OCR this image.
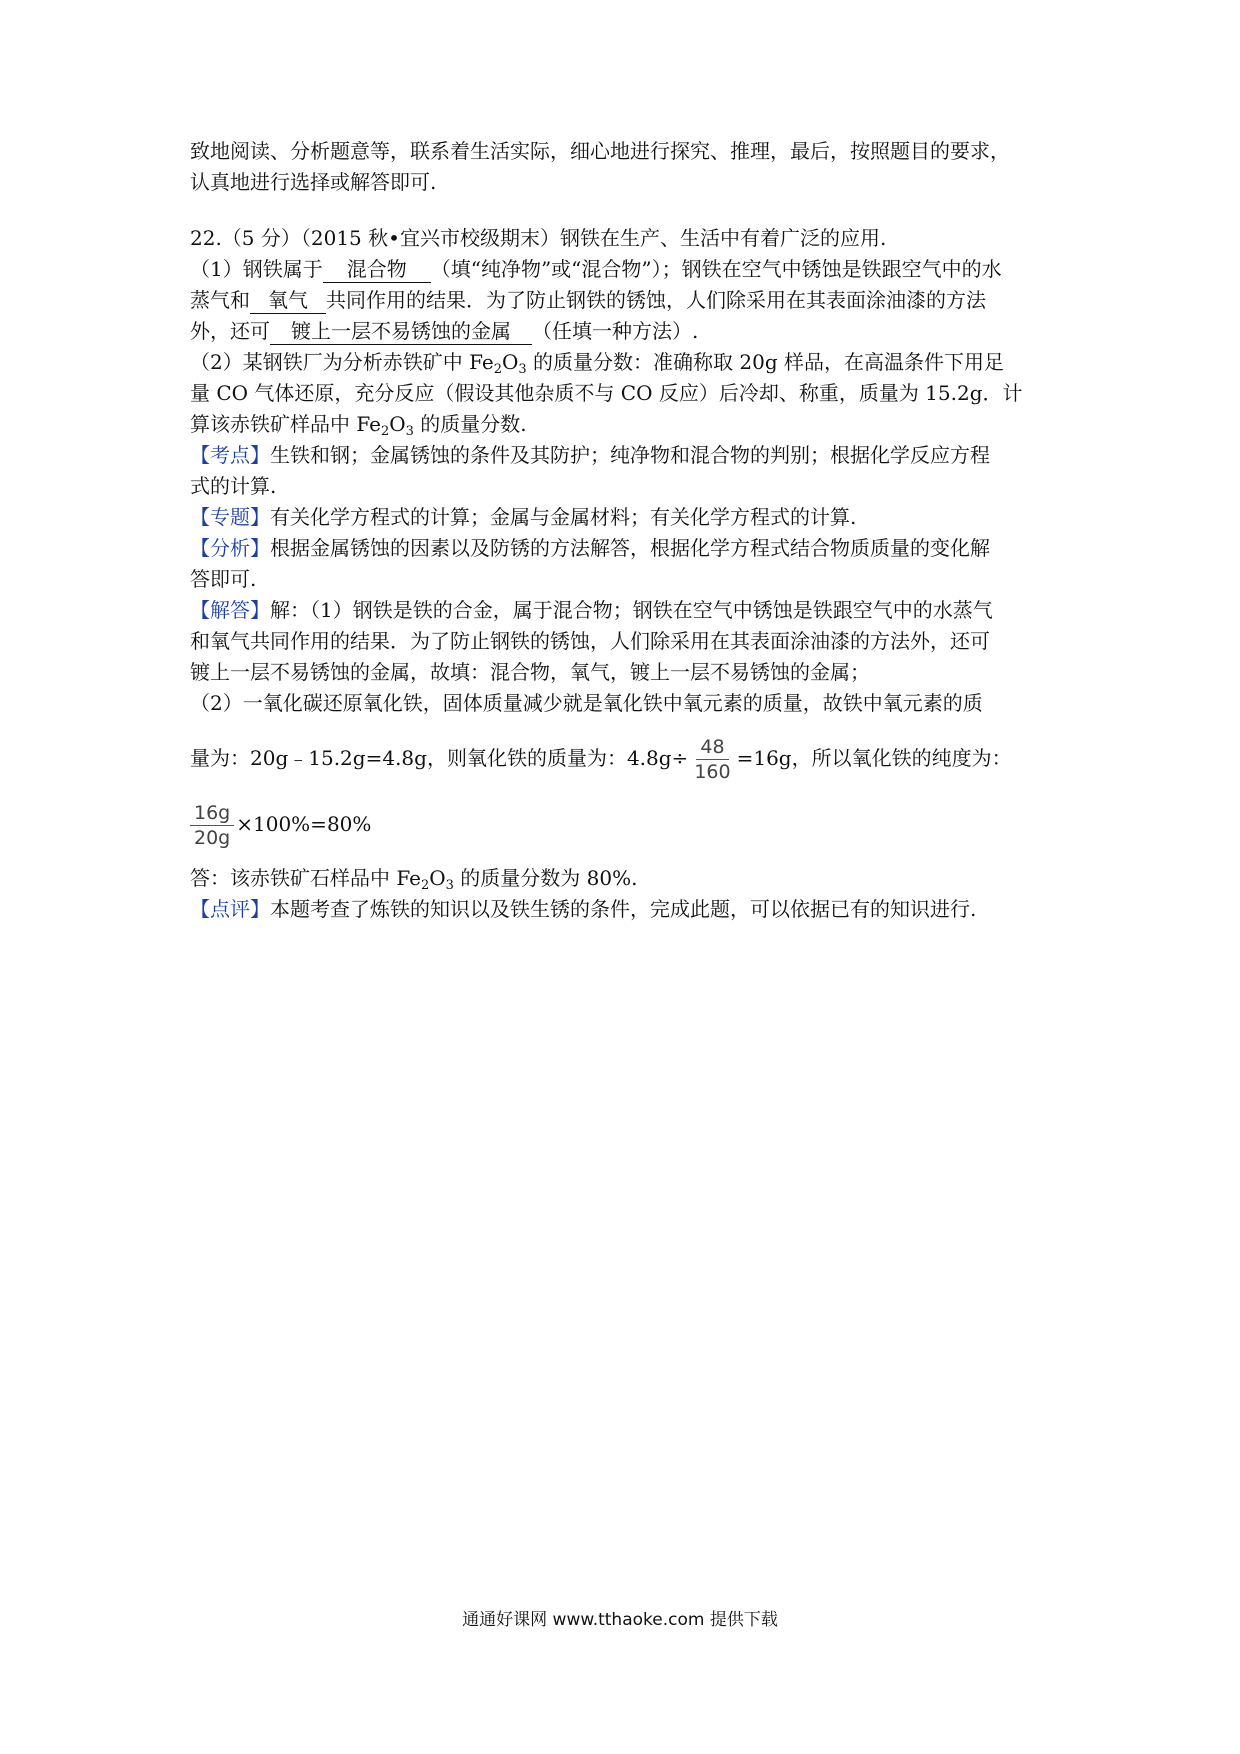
致地阅读、分析题意等，联系着生活实际，细心地进行探究、推理，最后，按照题目的要求，
认真地进行选择或解答即可.
22.（5 分）（2015 秋•宜兴市校级期末）钢铁在生产、生活中有着广泛的应用.
（1）钢铁属于 混合物 （填“纯净物”或“混合物”）；钢铁在空气中锈蚀是铁跟空气中的水
蒸气和 氧气 共同作用的结果．为了防止钢铁的锈蚀，人们除采用在其表面涂油漆的方法
外，还可 镀上一层不易锈蚀的金属 （任填一种方法）.
（2）某钢铁厂为分析赤铁矿中 $Fe_2O_3$ 的质量分数：准确称取 20g 样品，在高温条件下用足
量 CO 气体还原，充分反应（假设其他杂质不与 CO 反应）后冷却、称重，质量为 15.2g．计
算该赤铁矿样品中 $Fe_2O_3$ 的质量分数.
【考点】生铁和钢；金属锈蚀的条件及其防护；纯净物和混合物的判别；根据化学反应方程
式的计算.
【专题】有关化学方程式的计算；金属与金属材料；有关化学方程式的计算.
【分析】根据金属锈蚀的因素以及防锈的方法解答，根据化学方程式结合物质质量的变化解
答即可.
【解答】解：（1）钢铁是铁的合金，属于混合物；钢铁在空气中锈蚀是铁跟空气中的水蒸气
和氧气共同作用的结果．为了防止钢铁的锈蚀，人们除采用在其表面涂油漆的方法外，还可
镀上一层不易锈蚀的金属，故填：混合物，氧气，镀上一层不易锈蚀的金属；
（2）一氧化碳还原氧化铁，固体质量减少就是氧化铁中氧元素的质量，故铁中氧元素的质
量为：20g﹣15.2g=4.8g，则氧化铁的质量为：$4.8g\div \frac{48}{160} =16g$，所以氧化铁的纯度为：
$\frac{16g}{20g} \times 100\%=80\%$
答：该赤铁矿石样品中 $Fe_2O_3$ 的质量分数为 80%.
【点评】本题考查了炼铁的知识以及铁生锈的条件，完成此题，可以依据已有的知识进行.
通通好课网 www.tthaoke.com 提供下载
